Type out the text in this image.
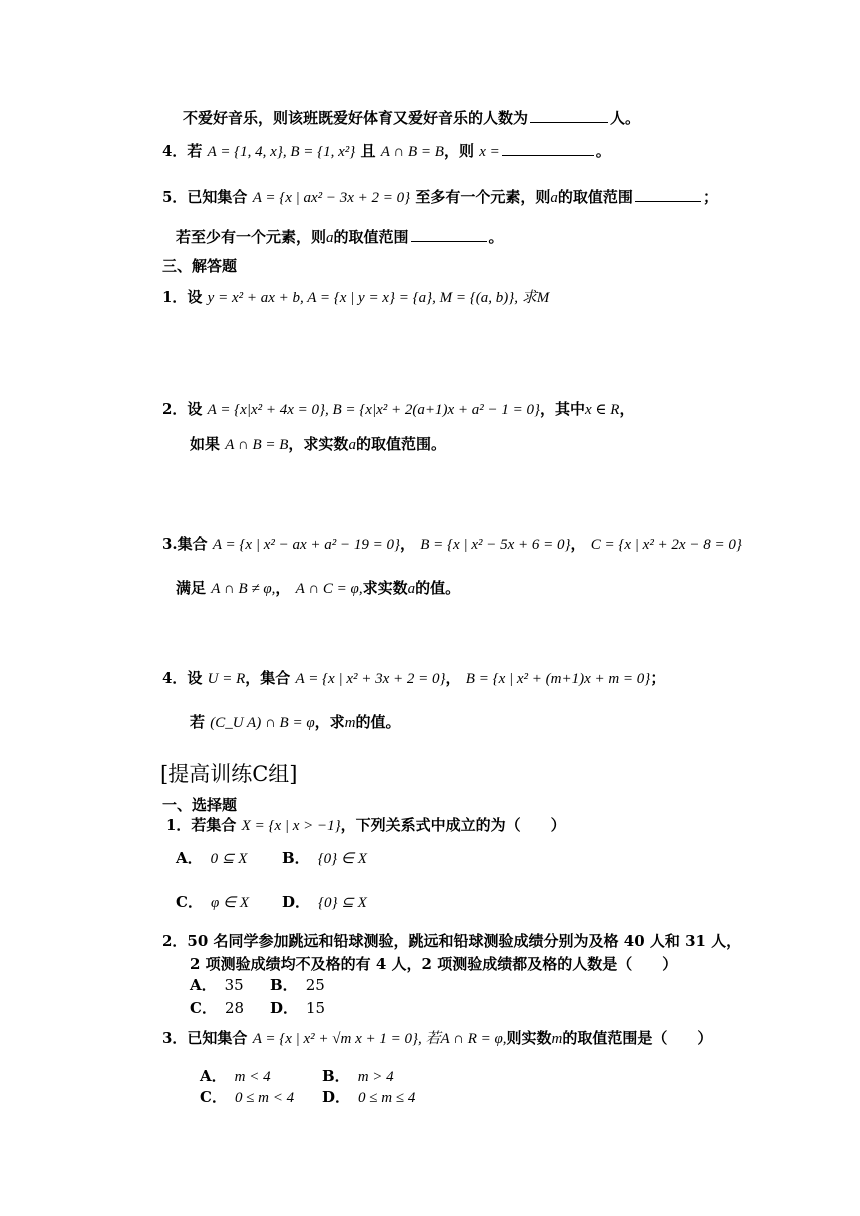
不爱好音乐，则该班既爱好体育又爱好音乐的人数为	人。
4．若 A = {1, 4, x}, B = {1, x²} 且 A ∩ B = B，则 x =	。
5．已知集合 A = {x | ax² − 3x + 2 = 0} 至多有一个元素，则a的取值范围	；
若至少有一个元素，则a的取值范围	。
三、解答题
1．设 y = x² + ax + b, A = {x | y = x} = {a}, M = {(a, b)}, 求M
2．设 A = {x|x² + 4x = 0}, B = {x|x² + 2(a+1)x + a² − 1 = 0}，其中x ∈ R，
如果 A ∩ B = B，求实数a的取值范围。
3.集合 A = {x | x² − ax + a² − 19 = 0}， B = {x | x² − 5x + 6 = 0}， C = {x | x² + 2x − 8 = 0}
满足 A ∩ B ≠ φ,， A ∩ C = φ,求实数a的值。
4．设 U = R，集合 A = {x | x² + 3x + 2 = 0}， B = {x | x² + (m+1)x + m = 0}；
若 (C_U A) ∩ B = φ，求m的值。
[提高训练C组]
一、选择题
1．若集合 X = {x | x > −1}，下列关系式中成立的为（　　）
A． 0 ⊆ X B． {0} ∈ X
C． φ ∈ X D． {0} ⊆ X
2．50 名同学参加跳远和铅球测验，跳远和铅球测验成绩分别为及格 40 人和 31 人，
2 项测验成绩均不及格的有 4 人，2 项测验成绩都及格的人数是（　　）
A． 35 B． 25
C． 28 D． 15
3．已知集合 A = {x | x² + √m x + 1 = 0}, 若A ∩ R = φ,则实数m的取值范围是（　　）
A． m < 4	B． m > 4
C． 0 ≤ m < 4 D． 0 ≤ m ≤ 4
